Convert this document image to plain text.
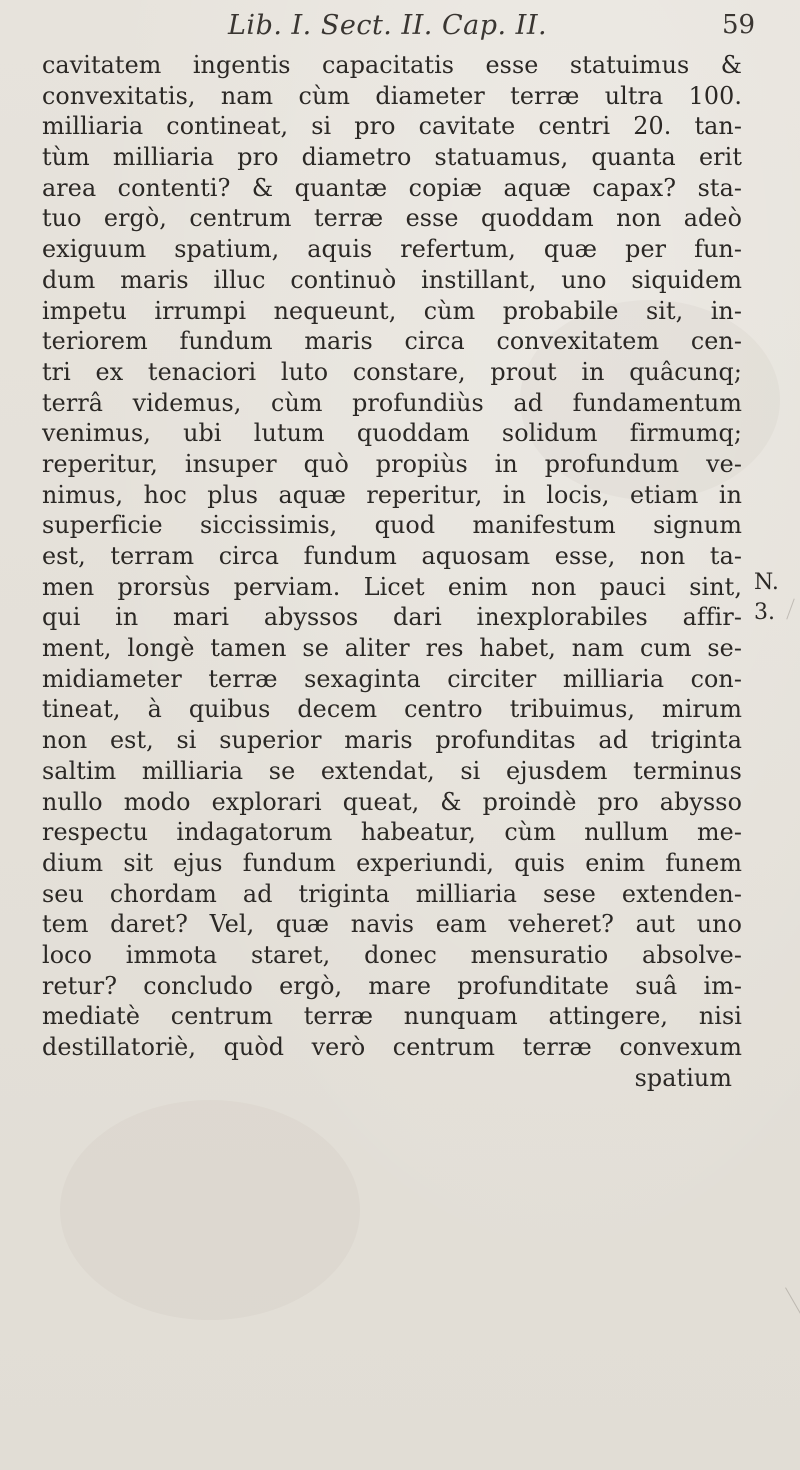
Lib. I. Sect. II. Cap. II.	59
cavitatem ingentis capacitatis esse statuimus &
convexitatis, nam cùm diameter terræ ultra 100.
milliaria contineat, si pro cavitate centri 20. tan-
tùm milliaria pro diametro statuamus, quanta erit
area contenti? & quantæ copiæ aquæ capax? sta-
tuo ergò, centrum terræ esse quoddam non adeò
exiguum spatium, aquis refertum, quæ per fun-
dum maris illuc continuò instillant, uno siquidem
impetu irrumpi nequeunt, cùm probabile sit, in-
teriorem fundum maris circa convexitatem cen-
tri ex tenaciori luto constare, prout in quâcunq;
terrâ videmus, cùm profundiùs ad fundamentum
venimus, ubi lutum quoddam solidum firmumq;
reperitur, insuper quò propiùs in profundum ve-
nimus, hoc plus aquæ reperitur, in locis, etiam in
superficie siccissimis, quod manifestum signum
est, terram circa fundum aquosam esse, non ta-
men prorsùs perviam. Licet enim non pauci sint,
qui in mari abyssos dari inexplorabiles affir-
ment, longè tamen se aliter res habet, nam cum se-
midiameter terræ sexaginta circiter milliaria con-
tineat, à quibus decem centro tribuimus, mirum
non est, si superior maris profunditas ad triginta
saltim milliaria se extendat, si ejusdem terminus
nullo modo explorari queat, & proindè pro abysso
respectu indagatorum habeatur, cùm nullum me-
dium sit ejus fundum experiundi, quis enim funem
seu chordam ad triginta milliaria sese extenden-
tem daret? Vel, quæ navis eam veheret? aut uno
loco immota staret, donec mensuratio absolve-
retur? concludo ergò, mare profunditate suâ im-
mediatè centrum terræ nunquam attingere, nisi
destillatoriè, quòd verò centrum terræ convexum
spatium
N.
3.
